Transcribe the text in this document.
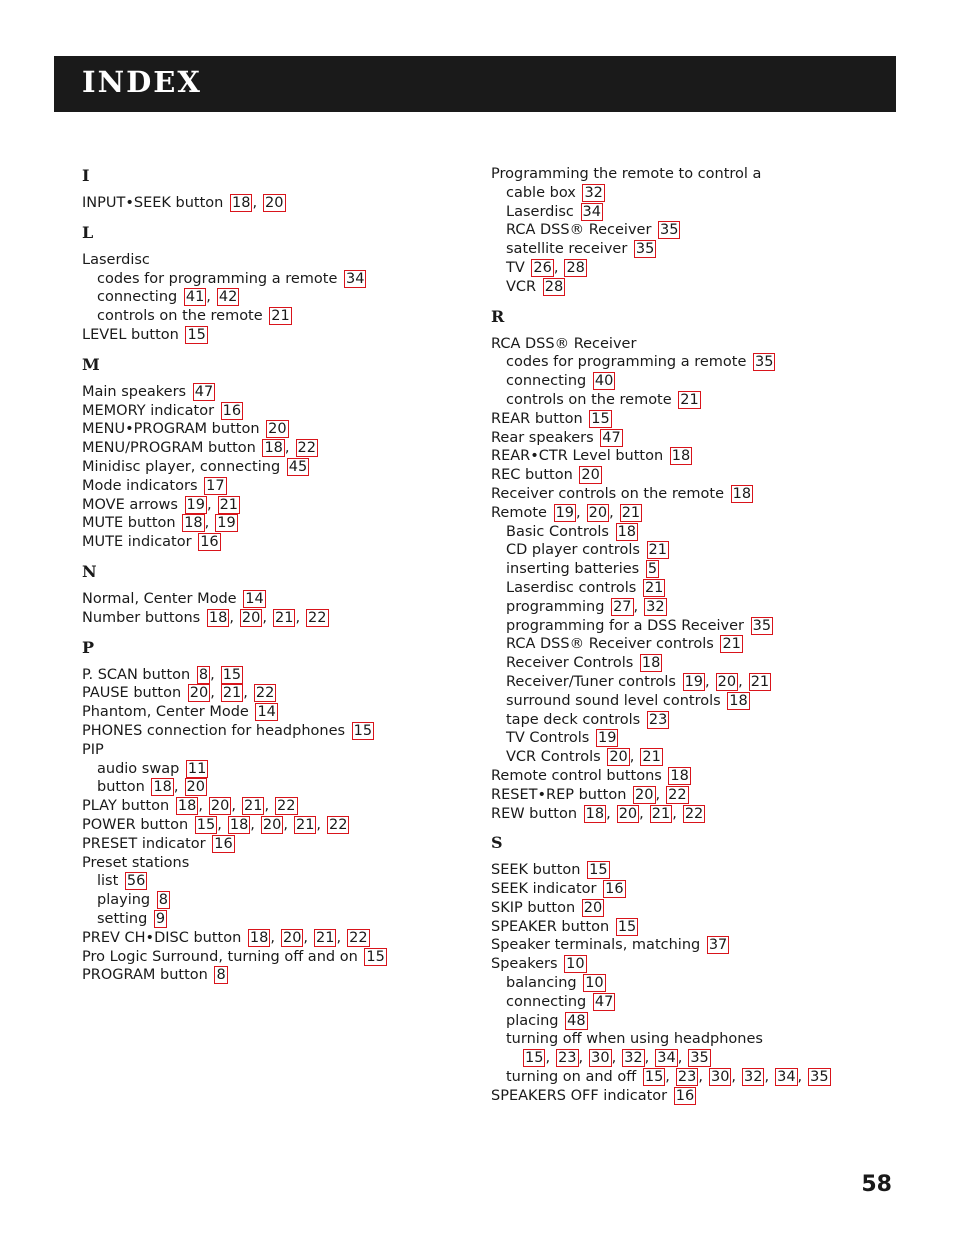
INDEX
I
INPUT•SEEK button 18 , 20
L
Laserdisc
codes for programming a remote 34
connecting 41 , 42
controls on the remote 21
LEVEL button 15
M
Main speakers 47
MEMORY indicator 16
MENU•PROGRAM button 20
MENU/PROGRAM button 18 , 22
Minidisc player, connecting 45
Mode indicators 17
MOVE arrows 19 , 21
MUTE button 18 , 19
MUTE indicator 16
N
Normal, Center Mode 14
Number buttons 18 , 20 , 21 , 22
P
P. SCAN button 8 , 15
PAUSE button 20 , 21 , 22
Phantom, Center Mode 14
PHONES connection for headphones 15
PIP
audio swap 11
button 18 , 20
PLAY button 18 , 20 , 21 , 22
POWER button 15 , 18 , 20 , 21 , 22
PRESET indicator 16
Preset stations
list 56
playing 8
setting 9
PREV CH•DISC button 18 , 20 , 21 , 22
Pro Logic Surround, turning off and on 15
PROGRAM button 8
Programming the remote to control a
cable box 32
Laserdisc 34
RCA DSS® Receiver 35
satellite receiver 35
TV 26 , 28
VCR 28
R
RCA DSS® Receiver
codes for programming a remote 35
connecting 40
controls on the remote 21
REAR button 15
Rear speakers 47
REAR•CTR Level button 18
REC button 20
Receiver controls on the remote 18
Remote 19 , 20 , 21
Basic Controls 18
CD player controls 21
inserting batteries 5
Laserdisc controls 21
programming 27 , 32
programming for a DSS Receiver 35
RCA DSS® Receiver controls 21
Receiver Controls 18
Receiver/Tuner controls 19 , 20 , 21
surround sound level controls 18
tape deck controls 23
TV Controls 19
VCR Controls 20 , 21
Remote control buttons 18
RESET•REP button 20 , 22
REW button 18 , 20 , 21 , 22
S
SEEK button 15
SEEK indicator 16
SKIP button 20
SPEAKER button 15
Speaker terminals, matching 37
Speakers 10
balancing 10
connecting 47
placing 48
turning off when using headphones
15 , 23 , 30 , 32 , 34 , 35
turning on and off 15 , 23 , 30 , 32 , 34 , 35
SPEAKERS OFF indicator 16
58
